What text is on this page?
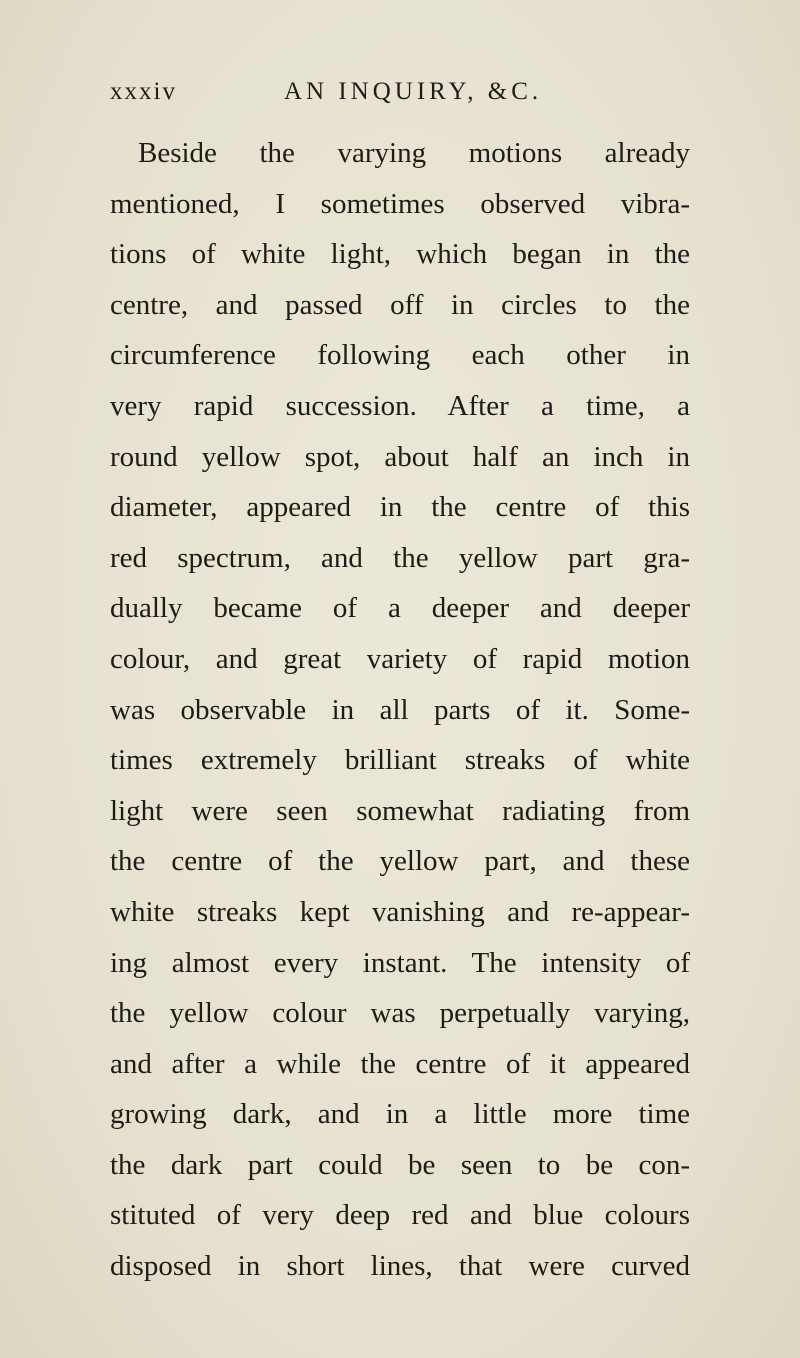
xxxiv	AN INQUIRY, &C.
Beside the varying motions already
mentioned, I sometimes observed vibra-
tions of white light, which began in the
centre, and passed off in circles to the
circumference following each other in
very rapid succession. After a time, a
round yellow spot, about half an inch in
diameter, appeared in the centre of this
red spectrum, and the yellow part gra-
dually became of a deeper and deeper
colour, and great variety of rapid motion
was observable in all parts of it. Some-
times extremely brilliant streaks of white
light were seen somewhat radiating from
the centre of the yellow part, and these
white streaks kept vanishing and re-appear-
ing almost every instant. The intensity of
the yellow colour was perpetually varying,
and after a while the centre of it appeared
growing dark, and in a little more time
the dark part could be seen to be con-
stituted of very deep red and blue colours
disposed in short lines, that were curved
